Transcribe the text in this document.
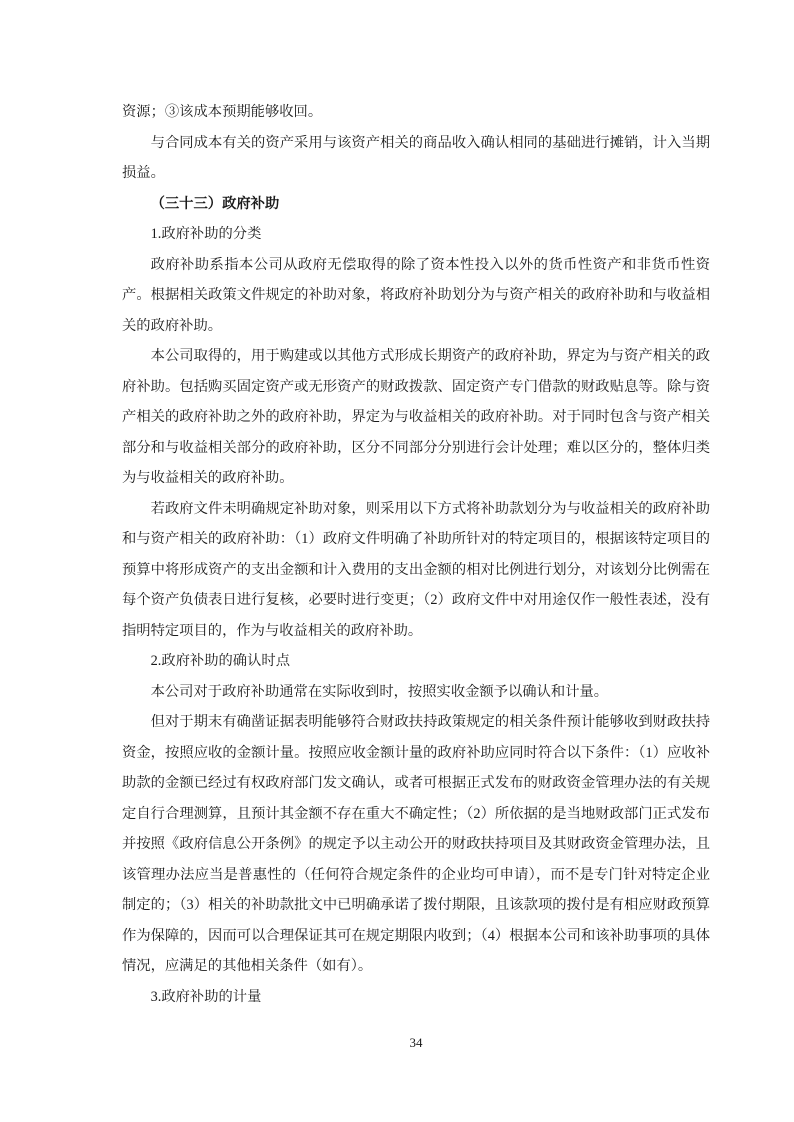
资源；③该成本预期能够收回。

与合同成本有关的资产采用与该资产相关的商品收入确认相同的基础进行摊销，计入当期损益。

（三十三）政府补助

1.政府补助的分类

政府补助系指本公司从政府无偿取得的除了资本性投入以外的货币性资产和非货币性资产。根据相关政策文件规定的补助对象，将政府补助划分为与资产相关的政府补助和与收益相关的政府补助。

本公司取得的，用于购建或以其他方式形成长期资产的政府补助，界定为与资产相关的政府补助。包括购买固定资产或无形资产的财政拨款、固定资产专门借款的财政贴息等。除与资产相关的政府补助之外的政府补助，界定为与收益相关的政府补助。对于同时包含与资产相关部分和与收益相关部分的政府补助，区分不同部分分别进行会计处理；难以区分的，整体归类为与收益相关的政府补助。

若政府文件未明确规定补助对象，则采用以下方式将补助款划分为与收益相关的政府补助和与资产相关的政府补助：（1）政府文件明确了补助所针对的特定项目的，根据该特定项目的预算中将形成资产的支出金额和计入费用的支出金额的相对比例进行划分，对该划分比例需在每个资产负债表日进行复核，必要时进行变更；（2）政府文件中对用途仅作一般性表述，没有指明特定项目的，作为与收益相关的政府补助。

2.政府补助的确认时点

本公司对于政府补助通常在实际收到时，按照实收金额予以确认和计量。

但对于期末有确凿证据表明能够符合财政扶持政策规定的相关条件预计能够收到财政扶持资金，按照应收的金额计量。按照应收金额计量的政府补助应同时符合以下条件：（1）应收补助款的金额已经过有权政府部门发文确认，或者可根据正式发布的财政资金管理办法的有关规定自行合理测算，且预计其金额不存在重大不确定性；（2）所依据的是当地财政部门正式发布并按照《政府信息公开条例》的规定予以主动公开的财政扶持项目及其财政资金管理办法，且该管理办法应当是普惠性的（任何符合规定条件的企业均可申请），而不是专门针对特定企业制定的；（3）相关的补助款批文中已明确承诺了拨付期限，且该款项的拨付是有相应财政预算作为保障的，因而可以合理保证其可在规定期限内收到；（4）根据本公司和该补助事项的具体情况，应满足的其他相关条件（如有）。

3.政府补助的计量

34
